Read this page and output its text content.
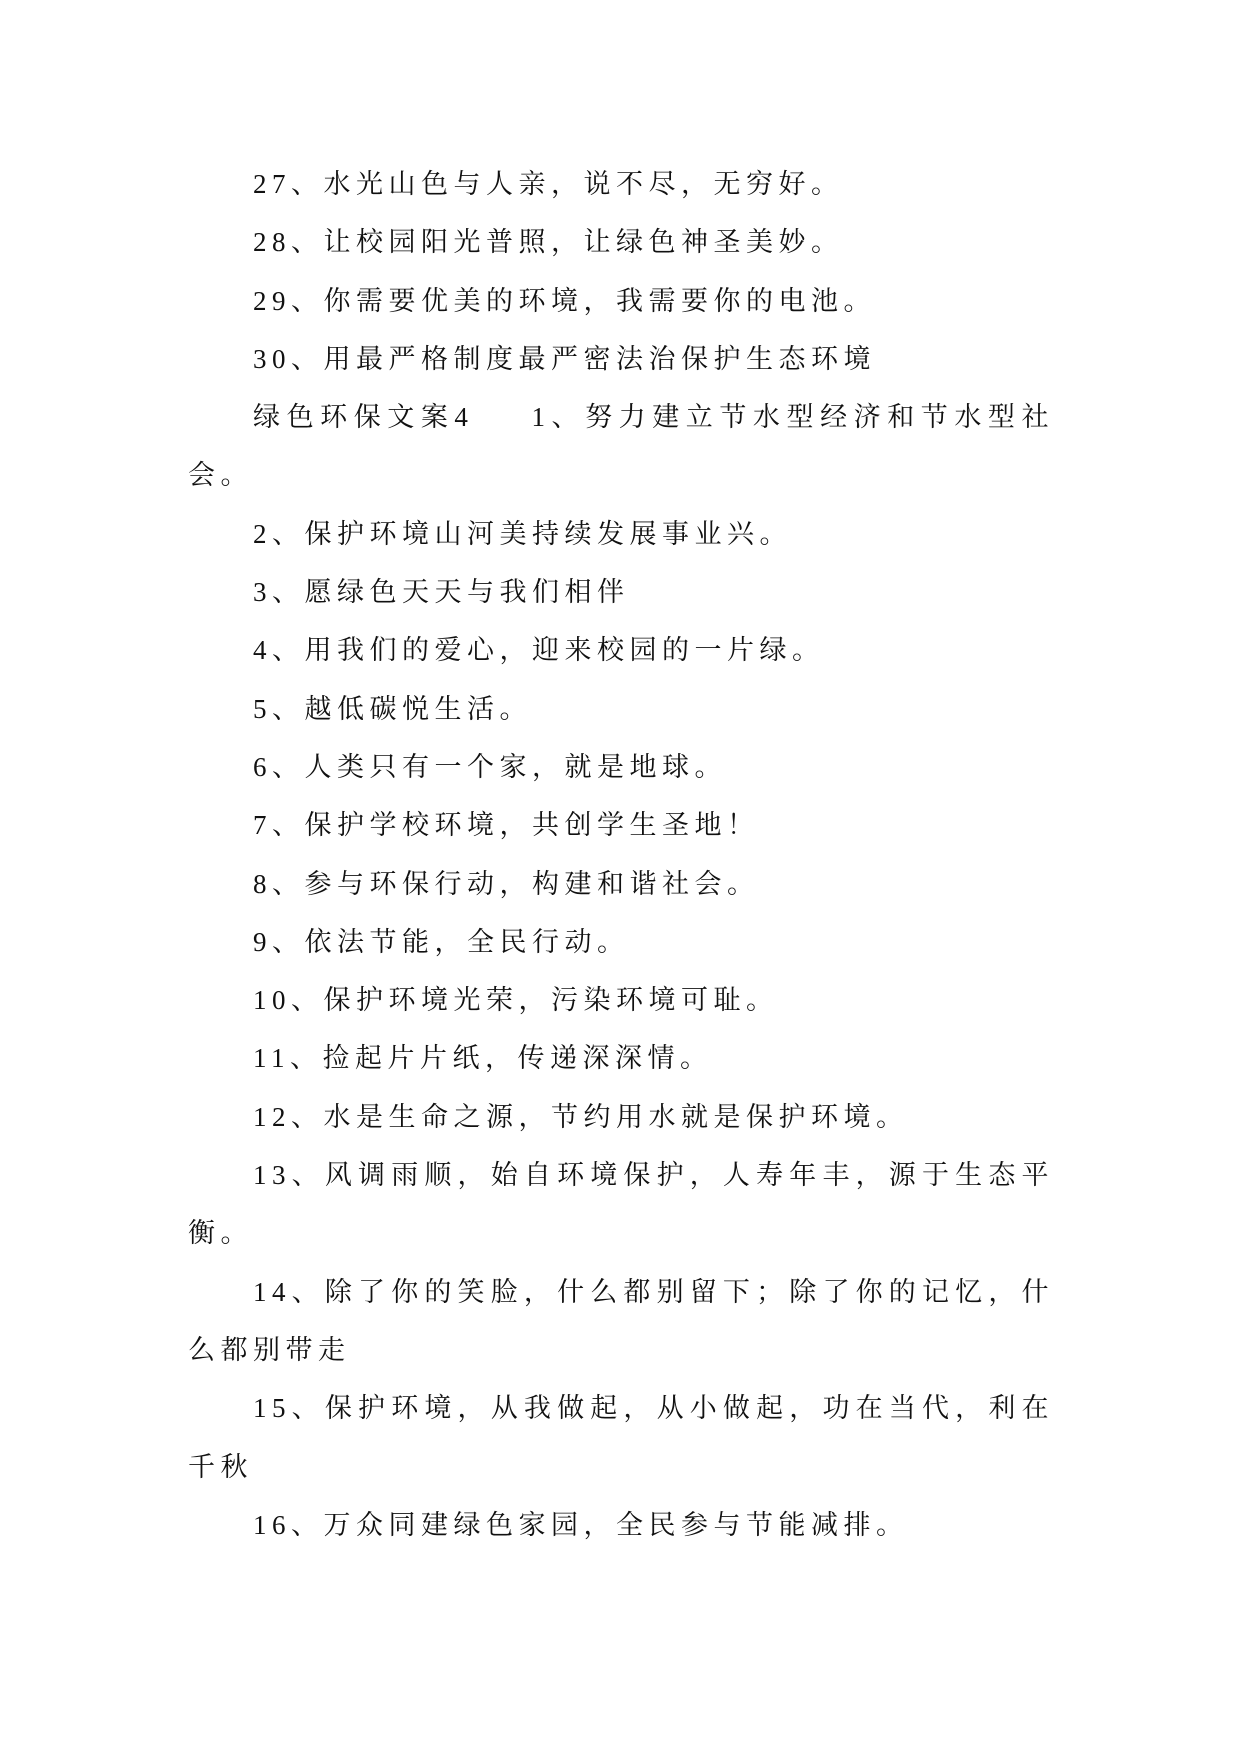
27、水光山色与人亲，说不尽，无穷好。

28、让校园阳光普照，让绿色神圣美妙。

29、你需要优美的环境，我需要你的电池。

30、用最严格制度最严密法治保护生态环境

绿色环保文案4 1、努力建立节水型经济和节水型社会。

2、保护环境山河美持续发展事业兴。

3、愿绿色天天与我们相伴

4、用我们的爱心，迎来校园的一片绿。

5、越低碳悦生活。

6、人类只有一个家，就是地球。

7、保护学校环境，共创学生圣地！

8、参与环保行动，构建和谐社会。

9、依法节能，全民行动。

10、保护环境光荣，污染环境可耻。

11、捡起片片纸，传递深深情。

12、水是生命之源，节约用水就是保护环境。

13、风调雨顺，始自环境保护，人寿年丰，源于生态平衡。

14、除了你的笑脸，什么都别留下；除了你的记忆，什么都别带走

15、保护环境，从我做起，从小做起，功在当代，利在千秋

16、万众同建绿色家园，全民参与节能减排。
